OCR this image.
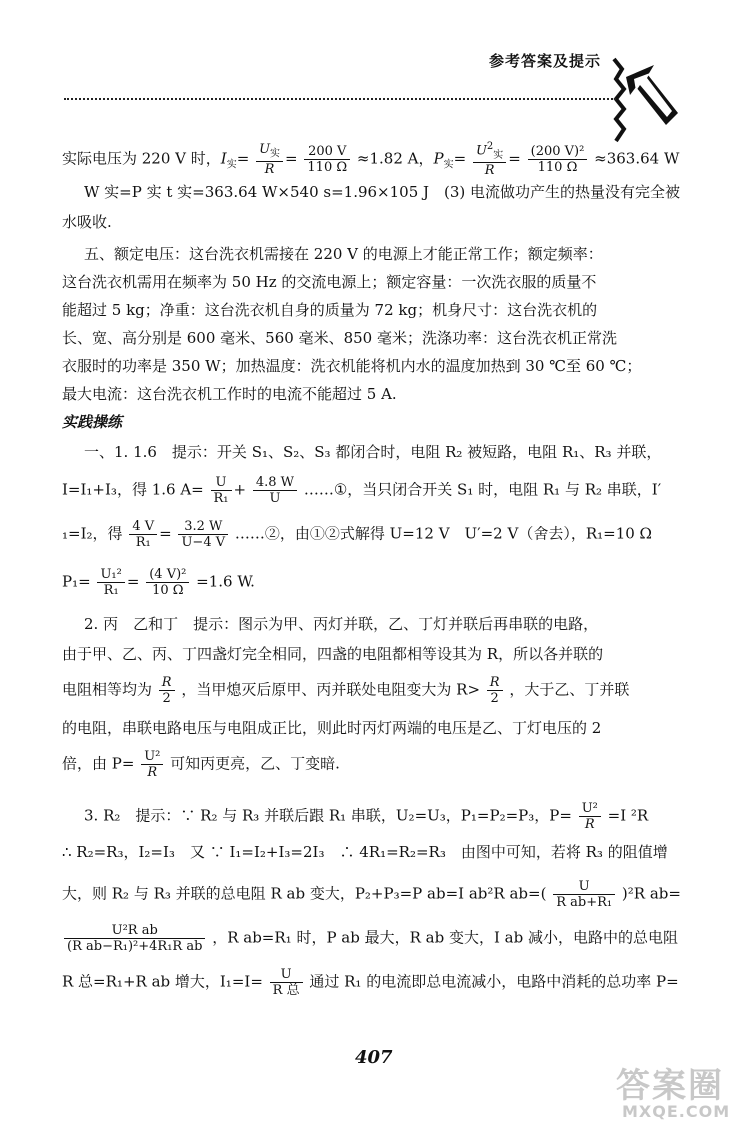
参考答案及提示
实际电压为 220 V 时，$I_实= \frac{U_实}{R} = \frac{200 V}{110 \Omega} \approx 1.82$ A，$P_实= \frac{U^2_实}{R} = \frac{\text{(200 V)²}}{110 \Omega} \approx 363.64$ W
W 实=P 实 t 实=363.64 W×540 s=1.96×105 J　(3) 电流做功产生的热量没有完全被
水吸收.
五、额定电压：这台洗衣机需接在 220 V 的电源上才能正常工作；额定频率：
这台洗衣机需用在频率为 50 Hz 的交流电源上；额定容量：一次洗衣服的质量不
能超过 5 kg；净重：这台洗衣机自身的质量为 72 kg；机身尺寸：这台洗衣机的
长、宽、高分别是 600 毫米、560 毫米、850 毫米；洗涤功率：这台洗衣机正常洗
衣服时的功率是 350 W；加热温度：洗衣机能将机内水的温度加热到 30 ℃至 60 ℃；
最大电流：这台洗衣机工作时的电流不能超过 5 A.
实践操练
一、1. 1.6　提示：开关 S₁、S₂、S₃ 都闭合时，电阻 R₂ 被短路，电阻 R₁、R₃ 并联，
I=I₁+I₃，得 1.6 $A= \frac{U}{\text{R₁}} + \frac{4.8 W}{U}$ ……①，当只闭合开关 S₁ 时，电阻 R₁ 与 R₂ 串联，I′
₁=I₂，得 $\frac{4 V}{\text{R₁}} = \frac{3.2 W}{U-4 V}$ ……②，由①②式解得 U=12 V　U′=2 V（舍去），R₁=10 Ω
$P_1= \frac{\text{U₁²}}{\text{R₁}} = \frac{\text{(4 V)²}}{10 \Omega} =1.6$ W.
2. 丙　乙和丁　提示：图示为甲、丙灯并联，乙、丁灯并联后再串联的电路，
由于甲、乙、丙、丁四盏灯完全相同，四盏的电阻都相等设其为 R，所以各并联的
电阻相等均为 $\frac{R}{2}$ ，当甲熄灭后原甲、丙并联处电阻变大为 $R> \frac{R}{2}$ ，大于乙、丁并联
的电阻，串联电路电压与电阻成正比，则此时丙灯两端的电压是乙、丁灯电压的 2
倍，由 $P= \frac{\text{U²}}{R}$ 可知丙更亮，乙、丁变暗.
3. R₂　提示：∵ R₂ 与 R₃ 并联后跟 R₁ 串联，U₂=U₃，P₁=P₂=P₃，$P= \frac{\text{U²}}{R} =I$ ²R
∴ R₂=R₃，I₂=I₃　又 ∵ I₁=I₂+I₃=2I₃　∴ 4R₁=R₂=R₃　由图中可知，若将 R₃ 的阻值增
大，则 R₂ 与 R₃ 并联的总电阻 R ab 变大，P₂+P₃=P ab=I ab²R $ab=( \frac{U}{\text{R ab+R₁}} )^2R$ ab=
$\frac{\text{U²R ab}}{\text{(R ab−R₁)²+4R₁R ab}}$ ，R ab=R₁ 时，P ab 最大，R ab 变大，I ab 减小，电路中的总电阻
R 总=R₁+R ab 增大，$I_1=I= \frac{U}{\text{R 总}}$ 通过 R₁ 的电流即总电流减小，电路中消耗的总功率 P=
407
答案圈
MXQE.COM
